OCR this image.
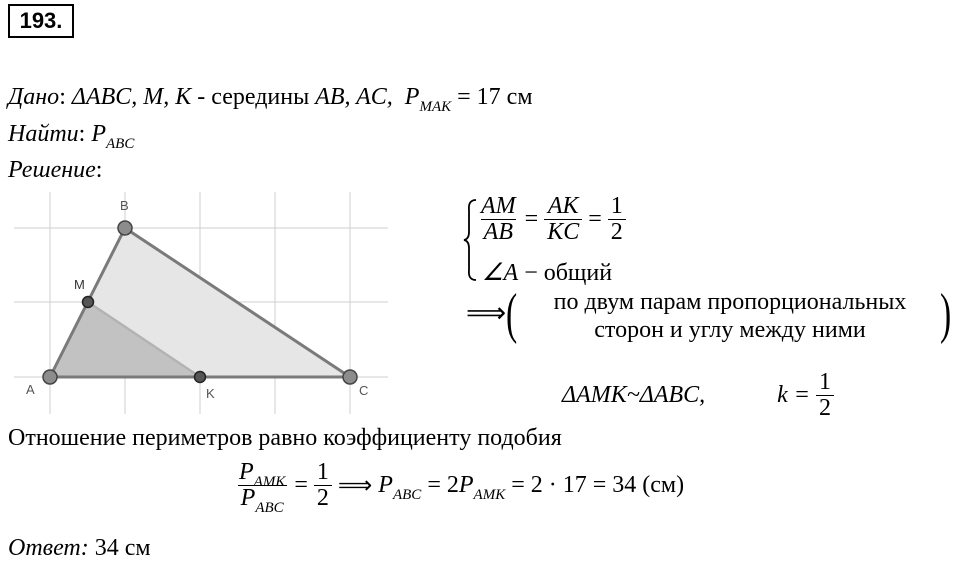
193.
Дано: ΔABC, M, K - середины AB, AC, $P_{MAK} = 17$ см
Найти: $P_{ABC}$
Решение:
B
M
A	K	C
$\frac{AM}{AB} = \frac{AK}{KC} = \frac{1}{2}$
∠A − общий
⟹ (	)
по двум парам пропорциональных
сторон и углу между ними
ΔAMK~ΔABC,	$k = \frac{1}{2}$
Отношение периметров равно коэффициенту подобия
$\frac{P_{AMK}}{P_{ABC}} = \frac{1}{2}$ ⟹ $P_{ABC} = 2P_{AMK} = 2 \cdot 17 = 34$ (см)
Ответ: 34 см
